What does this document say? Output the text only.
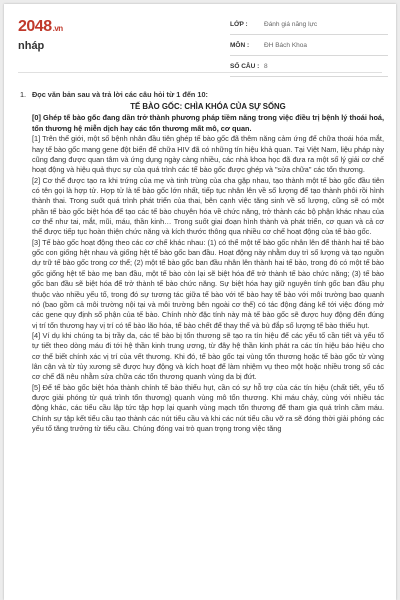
2048.vn
nháp
LỚP :	Đánh giá năng lực
MÔN :	ĐH Bách Khoa
SỐ CÂU : 8
1. Đọc văn bản sau và trả lời các câu hỏi từ 1 đến 10:
TẾ BÀO GỐC: CHÌA KHÓA CỦA SỰ SỐNG

[0] Ghép tế bào gốc đang dần trở thành phương pháp tiềm năng trong việc điều trị bệnh lý thoái hoá, tổn thương hệ miễn dịch hay các tổn thương mất mô, cơ quan.

[1] Trên thế giới, một số bệnh nhân đầu tiên ghép tế bào gốc đã thêm năng cảm ứng để chữa thoái hóa mắt, hay tế bào gốc mang gene đột biến để chữa HIV đã có những tín hiệu khả quan. Tại Việt Nam, liệu pháp này cũng đang được quan tâm và ứng dụng ngày càng nhiều, các nhà khoa học đã đưa ra một số lý giải cơ chế hoạt động và hiệu quả thực sự của quá trình các tế bào gốc được ghép và "sửa chữa" các tổn thương.

[2] Cơ thể được tạo ra khi trứng của mẹ và tinh trùng của cha gặp nhau, tạo thành một tế bào gốc đầu tiên có tên gọi là hợp tử. Hợp tử là tế bào gốc lớn nhất, tiếp tục nhân lên về số lượng để tạo thành phôi rồi hình thành thai. Trong suốt quá trình phát triển của thai, bên cạnh việc tăng sinh về số lượng, cũng sẽ có một phần tế bào gốc biệt hóa để tạo các tế bào chuyên hóa về chức năng, trở thành các bộ phận khác nhau của cơ thể như tai, mắt, mũi, máu, thần kinh… Trong suốt giai đoạn hình thành và phát triển, cơ quan và cả cơ thể được tiếp tục hoàn thiện chức năng và kích thước thông qua nhiều cơ chế hoạt động của tế bào gốc.

[3] Tế bào gốc hoạt động theo các cơ chế khác nhau: (1) có thể một tế bào gốc nhân lên để thành hai tế bào gốc con giống hệt nhau và giống hệt tế bào gốc ban đầu. Hoạt động này nhằm duy trì số lượng và tạo nguồn dự trữ tế bào gốc trong cơ thể; (2) một tế bào gốc ban đầu nhân lên thành hai tế bào, trong đó có một tế bào gốc giống hệt tế bào mẹ ban đầu, một tế bào còn lại sẽ biệt hóa để trở thành tế bào chức năng; (3) tế bào gốc ban đầu sẽ biệt hóa để trở thành tế bào chức năng. Sự biệt hóa hay giữ nguyên tính gốc ban đầu phụ thuộc vào nhiều yếu tố, trong đó sự tương tác giữa tế bào với tế bào hay tế bào với môi trường bao quanh nó (bao gồm cả môi trường nội tại và môi trường bên ngoài cơ thể) có tác động đáng kể tới việc đóng mở các gene quy định số phận của tế bào. Chính nhờ đặc tính này mà tế bào gốc sẽ được huy động đến đúng vị trí tổn thương hay vị trí có tế bào lão hóa, tế bào chết để thay thế và bù đắp số lượng tế bào thiếu hụt.

[4] Ví dụ khi chúng ta bị trầy da, các tế bào bị tổn thương sẽ tạo ra tín hiệu để các yếu tố cần tiết và yếu tố tự tiết theo dòng máu đi tới hệ thần kinh trung ương, từ đây hệ thần kinh phát ra các tín hiệu báo hiệu cho cơ thể biết chính xác vị trí của vết thương. Khi đó, tế bào gốc tại vùng tổn thương hoặc tế bào gốc từ vùng lân cận và từ tủy xương sẽ được huy động và kích hoạt để làm nhiệm vụ theo một hoặc nhiều trong số các cơ chế đã nêu nhằm sửa chữa các tổn thương quanh vùng da bị đứt.

[5] Để tế bào gốc biệt hóa thành chính tế bào thiếu hụt, cần có sự hỗ trợ của các tín hiệu (chất tiết, yếu tố được giải phóng từ quá trình tổn thương) quanh vùng mô tổn thương. Khi máu chảy, cùng với nhiều tác động khác, các tiểu cầu lập tức tập hợp lại quanh vùng mạch tổn thương để tham gia quá trình cầm máu. Chính sự tập kết tiểu cầu tạo thành các nút tiểu cầu và khi các nút tiểu cầu vỡ ra sẽ đóng thời giải phóng các yếu tố tăng trưởng từ tiểu cầu. Chúng đóng vai trò quan trọng trong việc tăng
